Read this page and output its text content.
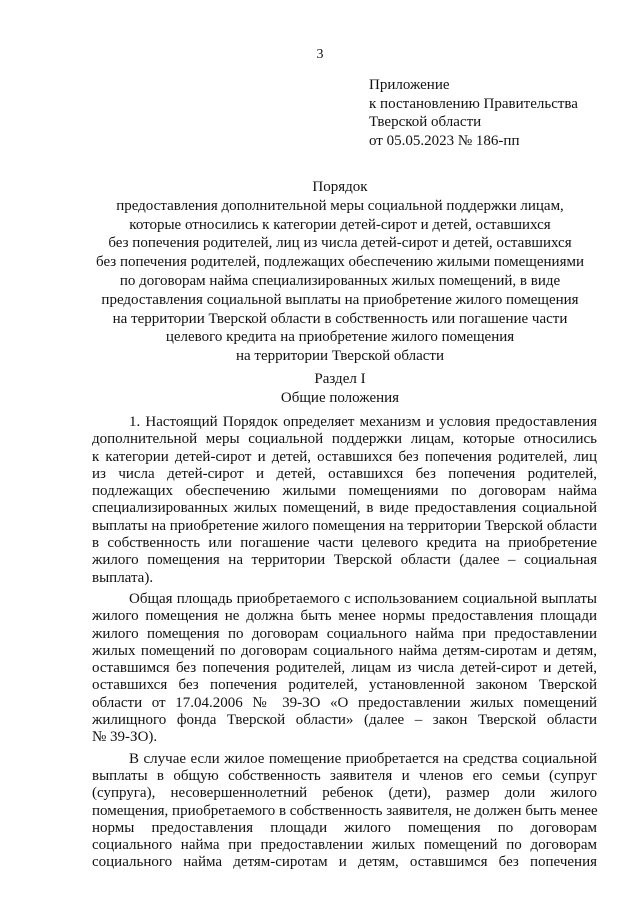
3
Приложение
к постановлению Правительства
Тверской области
от 05.05.2023 № 186-пп
Порядок
предоставления дополнительной меры социальной поддержки лицам,
которые относились к категории детей-сирот и детей, оставшихся
без попечения родителей, лиц из числа детей-сирот и детей, оставшихся
без попечения родителей, подлежащих обеспечению жилыми помещениями
по договорам найма специализированных жилых помещений, в виде
предоставления социальной выплаты на приобретение жилого помещения
на территории Тверской области в собственность или погашение части
целевого кредита на приобретение жилого помещения
на территории Тверской области
Раздел I
Общие положения
1. Настоящий Порядок определяет механизм и условия предоставления
дополнительной меры социальной поддержки лицам, которые относились
к категории детей-сирот и детей, оставшихся без попечения родителей, лиц
из числа детей-сирот и детей, оставшихся без попечения родителей,
подлежащих обеспечению жилыми помещениями по договорам найма
специализированных жилых помещений, в виде предоставления социальной
выплаты на приобретение жилого помещения на территории Тверской области
в собственность или погашение части целевого кредита на приобретение
жилого помещения на территории Тверской области (далее – социальная
выплата).
Общая площадь приобретаемого с использованием социальной выплаты
жилого помещения не должна быть менее нормы предоставления площади
жилого помещения по договорам социального найма при предоставлении
жилых помещений по договорам социального найма детям-сиротам и детям,
оставшимся без попечения родителей, лицам из числа детей-сирот и детей,
оставшихся без попечения родителей, установленной законом Тверской
области от 17.04.2006 № 39-ЗО «О предоставлении жилых помещений
жилищного фонда Тверской области» (далее – закон Тверской области
№ 39-ЗО).
В случае если жилое помещение приобретается на средства социальной
выплаты в общую собственность заявителя и членов его семьи (супруг
(супруга), несовершеннолетний ребенок (дети), размер доли жилого
помещения, приобретаемого в собственность заявителя, не должен быть менее
нормы предоставления площади жилого помещения по договорам
социального найма при предоставлении жилых помещений по договорам
социального найма детям-сиротам и детям, оставшимся без попечения
